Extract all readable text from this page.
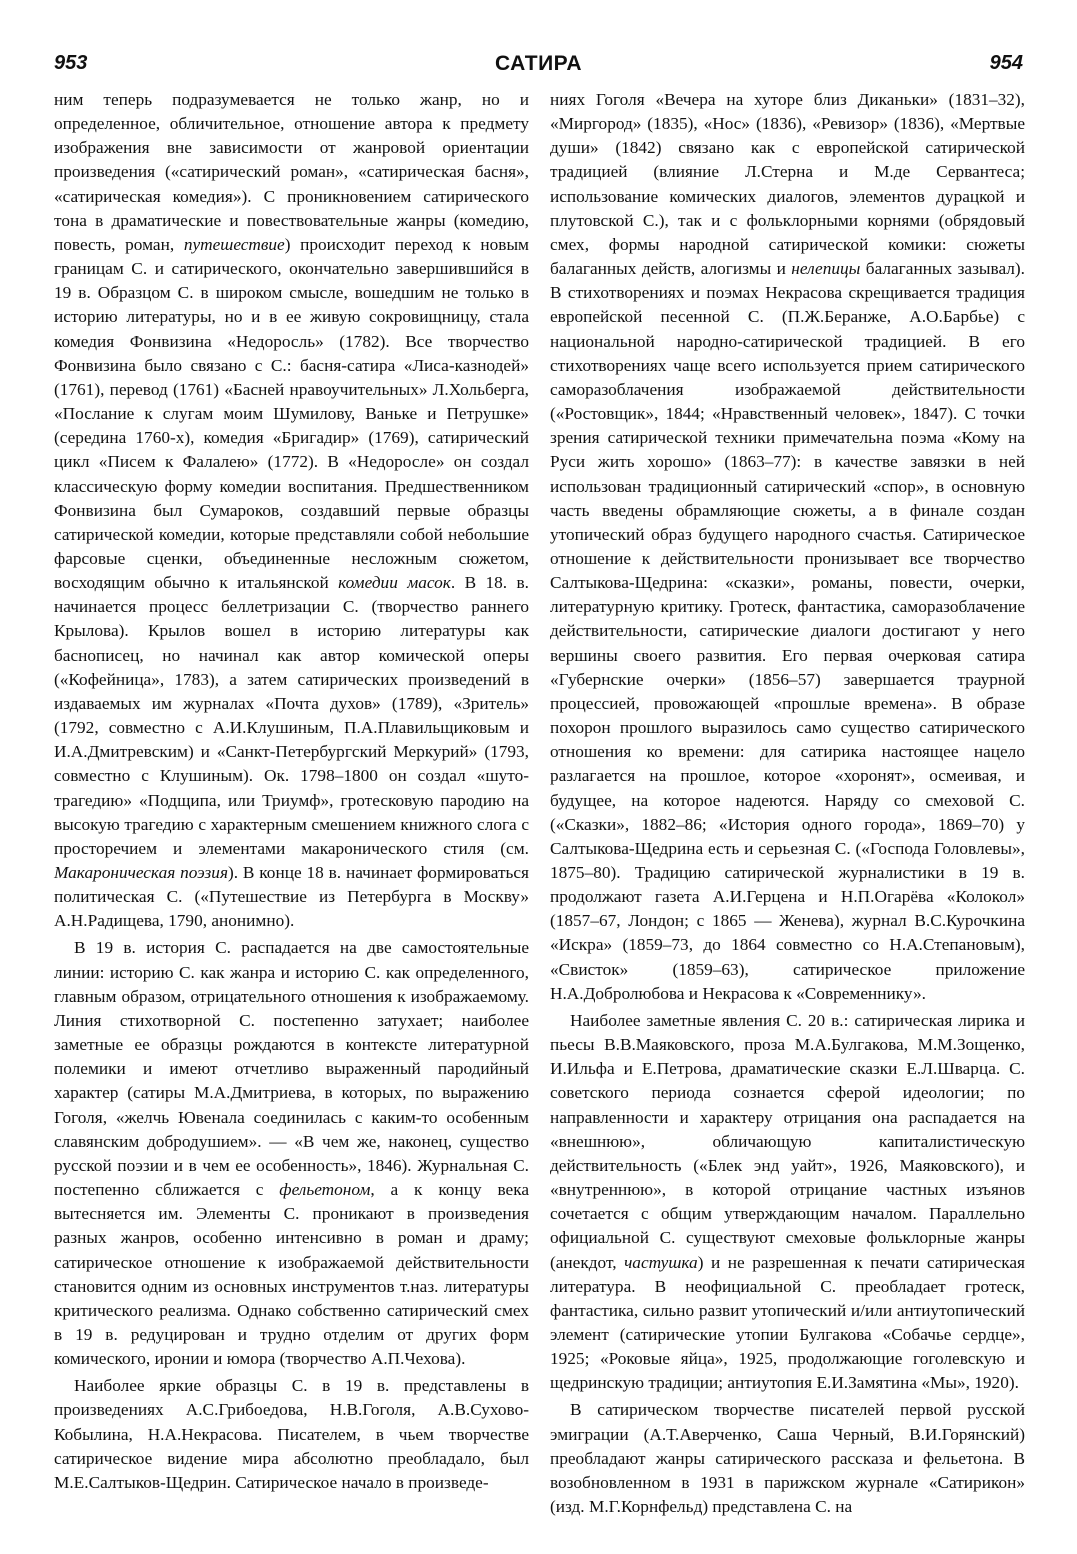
953	САТИРА	954

ним теперь подразумевается не только жанр, но и определенное, обличительное, отношение автора к предмету изображения вне зависимости от жанровой ориентации произведения («сатирический роман», «сатирическая басня», «сатирическая комедия»). С проникновением сатирического тона в драматические и повествовательные жанры (комедию, повесть, роман, путешествие) происходит переход к новым границам С. и сатирического, окончательно завершившийся в 19 в. Образцом С. в широком смысле, вошедшим не только в историю литературы, но и в ее живую сокровищницу, стала комедия Фонвизина «Недоросль» (1782). Все творчество Фонвизина было связано с С.: басня-сатира «Лиса-казнодей» (1761), перевод (1761) «Басней нравоучительных» Л.Хольберга, «Послание к слугам моим Шумилову, Ваньке и Петрушке» (середина 1760-х), комедия «Бригадир» (1769), сатирический цикл «Писем к Фалалею» (1772). В «Недоросле» он создал классическую форму комедии воспитания. Предшественником Фонвизина был Сумароков, создавший первые образцы сатирической комедии, которые представляли собой небольшие фарсовые сценки, объединенные несложным сюжетом, восходящим обычно к итальянской комедии масок. В 18. в. начинается процесс беллетризации С. (творчество раннего Крылова). Крылов вошел в историю литературы как баснописец, но начинал как автор комической оперы («Кофейница», 1783), а затем сатирических произведений в издаваемых им журналах «Почта духов» (1789), «Зритель» (1792, совместно с А.И.Клушиным, П.А.Плавильщиковым и И.А.Дмитревским) и «Санкт-Петербургский Меркурий» (1793, совместно с Клушиным). Ок. 1798–1800 он создал «шуто-трагедию» «Подщипа, или Триумф», гротесковую пародию на высокую трагедию с характерным смешением книжного слога с просторечием и элементами макаронического стиля (см. Макароническая поэзия). В конце 18 в. начинает формироваться политическая С. («Путешествие из Петербурга в Москву» А.Н.Радищева, 1790, анонимно).

В 19 в. история С. распадается на две самостоятельные линии: историю С. как жанра и историю С. как определенного, главным образом, отрицательного отношения к изображаемому. Линия стихотворной С. постепенно затухает; наиболее заметные ее образцы рождаются в контексте литературной полемики и имеют отчетливо выраженный пародийный характер (сатиры М.А.Дмитриева, в которых, по выражению Гоголя, «желчь Ювенала соединилась с каким-то особенным славянским добродушием». — «В чем же, наконец, существо русской поэзии и в чем ее особенность», 1846). Журнальная С. постепенно сближается с фельетоном, а к концу века вытесняется им. Элементы С. проникают в произведения разных жанров, особенно интенсивно в роман и драму; сатирическое отношение к изображаемой действительности становится одним из основных инструментов т.наз. литературы критического реализма. Однако собственно сатирический смех в 19 в. редуцирован и трудно отделим от других форм комического, иронии и юмора (творчество А.П.Чехова).

Наиболее яркие образцы С. в 19 в. представлены в произведениях А.С.Грибоедова, Н.В.Гоголя, А.В.Сухово-Кобылина, Н.А.Некрасова. Писателем, в чьем творчестве сатирическое видение мира абсолютно преобладало, был М.Е.Салтыков-Щедрин. Сатирическое начало в произведе-

ниях Гоголя «Вечера на хуторе близ Диканьки» (1831–32), «Миргород» (1835), «Нос» (1836), «Ревизор» (1836), «Мертвые души» (1842) связано как с европейской сатирической традицией (влияние Л.Стерна и М.де Сервантеса; использование комических диалогов, элементов дурацкой и плутовской С.), так и с фольклорными корнями (обрядовый смех, формы народной сатирической комики: сюжеты балаганных действ, алогизмы и нелепицы балаганных зазывал). В стихотворениях и поэмах Некрасова скрещивается традиция европейской песенной С. (П.Ж.Беранже, А.О.Барбье) с национальной народно-сатирической традицией. В его стихотворениях чаще всего используется прием сатирического саморазоблачения изображаемой действительности («Ростовщик», 1844; «Нравственный человек», 1847). С точки зрения сатирической техники примечательна поэма «Кому на Руси жить хорошо» (1863–77): в качестве завязки в ней использован традиционный сатирический «спор», в основную часть введены обрамляющие сюжеты, а в финале создан утопический образ будущего народного счастья. Сатирическое отношение к действительности пронизывает все творчество Салтыкова-Щедрина: «сказки», романы, повести, очерки, литературную критику. Гротеск, фантастика, саморазоблачение действительности, сатирические диалоги достигают у него вершины своего развития. Его первая очерковая сатира «Губернские очерки» (1856–57) завершается траурной процессией, провожающей «прошлые времена». В образе похорон прошлого выразилось само существо сатирического отношения ко времени: для сатирика настоящее нацело разлагается на прошлое, которое «хоронят», осмеивая, и будущее, на которое надеются. Наряду со смеховой С. («Сказки», 1882–86; «История одного города», 1869–70) у Салтыкова-Щедрина есть и серьезная С. («Господа Головлевы», 1875–80). Традицию сатирической журналистики в 19 в. продолжают газета А.И.Герцена и Н.П.Огарёва «Колокол» (1857–67, Лондон; с 1865 — Женева), журнал В.С.Курочкина «Искра» (1859–73, до 1864 совместно со Н.А.Степановым), «Свисток» (1859–63), сатирическое приложение Н.А.Добролюбова и Некрасова к «Современнику».

Наиболее заметные явления С. 20 в.: сатирическая лирика и пьесы В.В.Маяковского, проза М.А.Булгакова, М.М.Зощенко, И.Ильфа и Е.Петрова, драматические сказки Е.Л.Шварца. С. советского периода сознается сферой идеологии; по направленности и характеру отрицания она распадается на «внешнюю», обличающую капиталистическую действительность («Блек энд уайт», 1926, Маяковского), и «внутреннюю», в которой отрицание частных изъянов сочетается с общим утверждающим началом. Параллельно официальной С. существуют смеховые фольклорные жанры (анекдот, частушка) и не разрешенная к печати сатирическая литература. В неофициальной С. преобладает гротеск, фантастика, сильно развит утопический и/или антиутопический элемент (сатирические утопии Булгакова «Собачье сердце», 1925; «Роковые яйца», 1925, продолжающие гоголевскую и щедринскую традиции; антиутопия Е.И.Замятина «Мы», 1920).

В сатирическом творчестве писателей первой русской эмиграции (А.Т.Аверченко, Саша Черный, В.И.Горянский) преобладают жанры сатирического рассказа и фельетона. В возобновленном в 1931 в парижском журнале «Сатирикон» (изд. М.Г.Корнфельд) представлена С. на
